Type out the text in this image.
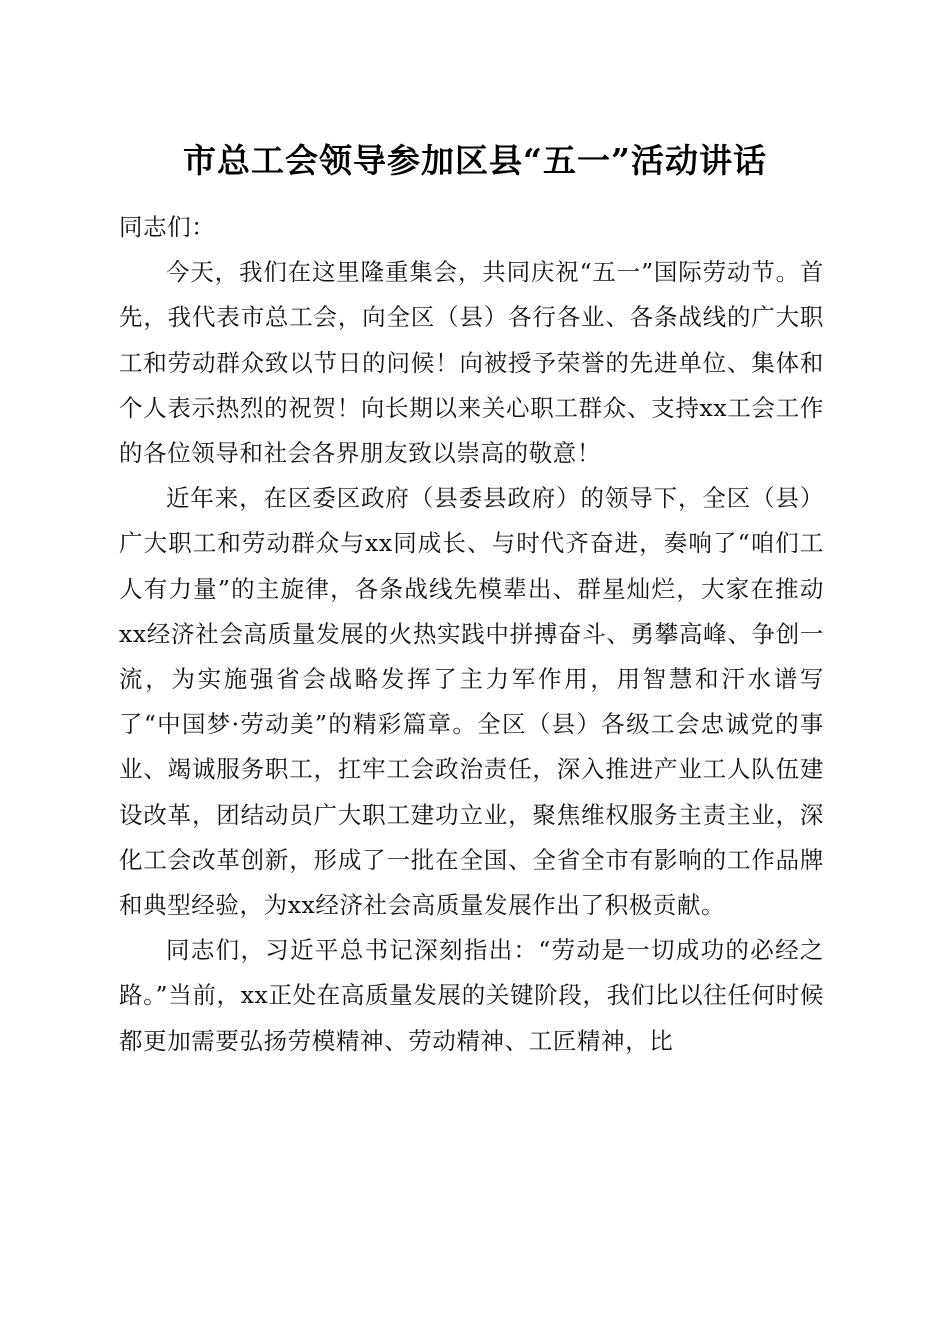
市总工会领导参加区县“五一”活动讲话

同志们：

今天，我们在这里隆重集会，共同庆祝“五一”国际劳动节。首先，我代表市总工会，向全区（县）各行各业、各条战线的广大职工和劳动群众致以节日的问候！向被授予荣誉的先进单位、集体和个人表示热烈的祝贺！向长期以来关心职工群众、支持xx工会工作的各位领导和社会各界朋友致以崇高的敬意！

近年来，在区委区政府（县委县政府）的领导下，全区（县）广大职工和劳动群众与xx同成长、与时代齐奋进，奏响了“咱们工人有力量”的主旋律，各条战线先模辈出、群星灿烂，大家在推动xx经济社会高质量发展的火热实践中拼搏奋斗、勇攀高峰、争创一流，为实施强省会战略发挥了主力军作用，用智慧和汗水谱写了“中国梦·劳动美”的精彩篇章。全区（县）各级工会忠诚党的事业、竭诚服务职工，扛牢工会政治责任，深入推进产业工人队伍建设改革，团结动员广大职工建功立业，聚焦维权服务主责主业，深化工会改革创新，形成了一批在全国、全省全市有影响的工作品牌和典型经验，为xx经济社会高质量发展作出了积极贡献。

同志们，习近平总书记深刻指出：“劳动是一切成功的必经之路。”当前，xx正处在高质量发展的关键阶段，我们比以往任何时候都更加需要弘扬劳模精神、劳动精神、工匠精神，比
